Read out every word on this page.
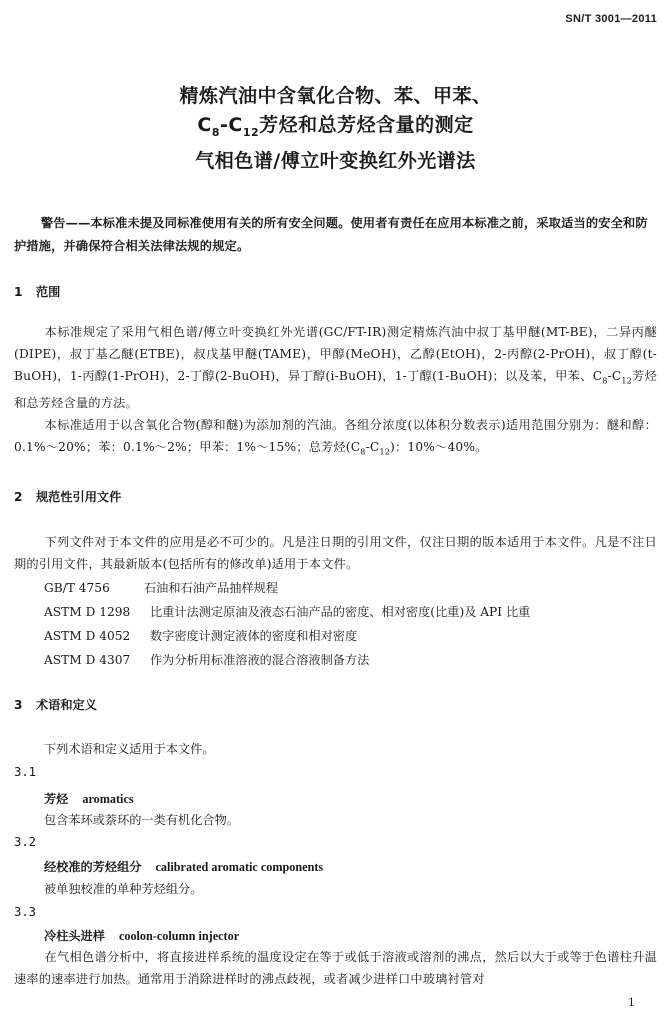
SN/T 3001—2011
精炼汽油中含氧化合物、苯、甲苯、
$C_8-C_{12}$芳烃和总芳烃含量的测定
气相色谱/傅立叶变换红外光谱法
警告——本标准未提及同标准使用有关的所有安全问题。使用者有责任在应用本标准之前，采取适当的安全和防护措施，并确保符合相关法律法规的规定。
1 范围
本标准规定了采用气相色谱/傅立叶变换红外光谱(GC/FT-IR)测定精炼汽油中叔丁基甲醚(MT-BE)，二异丙醚(DIPE)，叔丁基乙醚(ETBE)，叔戊基甲醚(TAME)，甲醇(MeOH)，乙醇(EtOH)，2-丙醇(2-PrOH)，叔丁醇(t-BuOH)，1-丙醇(1-PrOH)，2-丁醇(2-BuOH)，异丁醇(i-BuOH)，1-丁醇(1-BuOH)；以及苯，甲苯、$C_8-C_{12}$芳烃和总芳烃含量的方法。
本标准适用于以含氧化合物(醇和醚)为添加剂的汽油。各组分浓度(以体积分数表示)适用范围分别为：醚和醇：0.1%～20%；苯：0.1%～2%；甲苯：1%～15%；总芳烃$(C_8-C_{12})$：10%～40%。
2 规范性引用文件
下列文件对于本文件的应用是必不可少的。凡是注日期的引用文件，仅注日期的版本适用于本文件。凡是不注日期的引用文件，其最新版本(包括所有的修改单)适用于本文件。
GB/T 4756	石油和石油产品抽样规程
ASTM D 1298 比重计法测定原油及液态石油产品的密度、相对密度(比重)及 API 比重
ASTM D 4052 数字密度计测定液体的密度和相对密度
ASTM D 4307 作为分析用标准溶液的混合溶液制备方法
3 术语和定义
下列术语和定义适用于本文件。
3.1
芳烃 aromatics
包含苯环或萘环的一类有机化合物。
3.2
经校准的芳烃组分 calibrated aromatic components
被单独校准的单种芳烃组分。
3.3
冷柱头进样 coolon-column injector
在气相色谱分析中，将直接进样系统的温度设定在等于或低于溶液或溶剂的沸点，然后以大于或等于色谱柱升温速率的速率进行加热。通常用于消除进样时的沸点歧视，或者减少进样口中玻璃衬管对
1
